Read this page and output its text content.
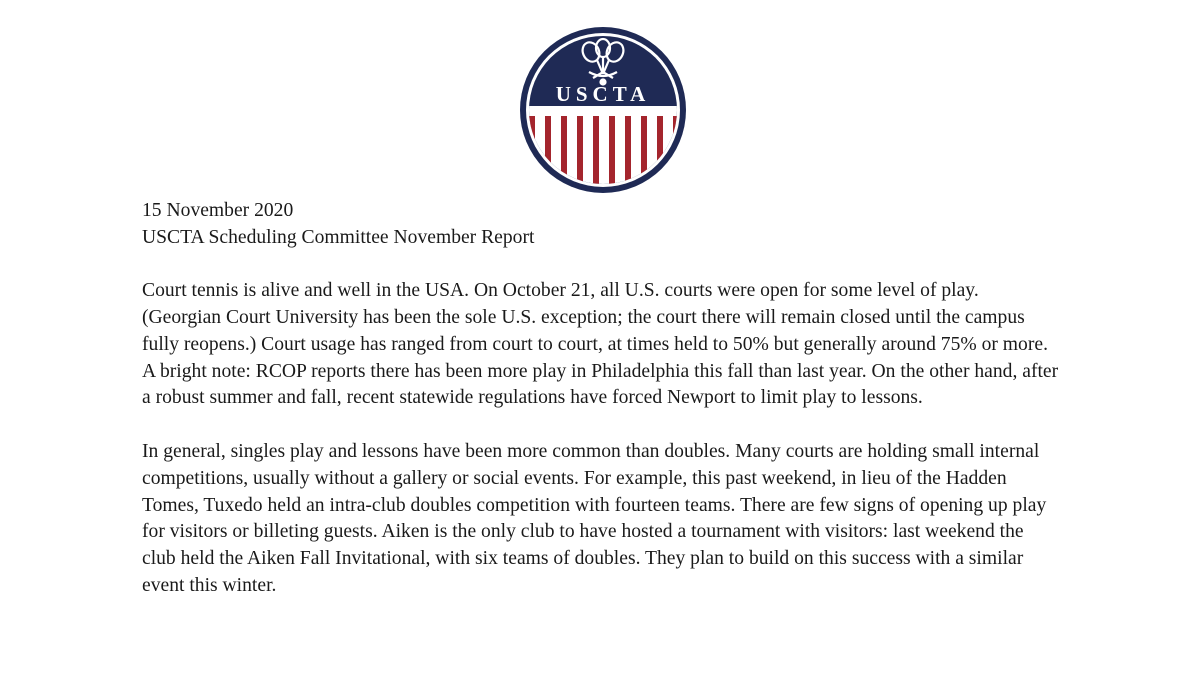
USCTA

15 November 2020

USCTA Scheduling Committee November Report

Court tennis is alive and well in the USA. On October 21, all U.S. courts were open for some level of play. (Georgian Court University has been the sole U.S. exception; the court there will remain closed until the campus fully reopens.) Court usage has ranged from court to court, at times held to 50% but generally around 75% or more. A bright note: RCOP reports there has been more play in Philadelphia this fall than last year. On the other hand, after a robust summer and fall, recent statewide regulations have forced Newport to limit play to lessons.

In general, singles play and lessons have been more common than doubles. Many courts are holding small internal competitions, usually without a gallery or social events. For example, this past weekend, in lieu of the Hadden Tomes, Tuxedo held an intra-club doubles competition with fourteen teams. There are few signs of opening up play for visitors or billeting guests. Aiken is the only club to have hosted a tournament with visitors: last weekend the club held the Aiken Fall Invitational, with six teams of doubles. They plan to build on this success with a similar event this winter.
